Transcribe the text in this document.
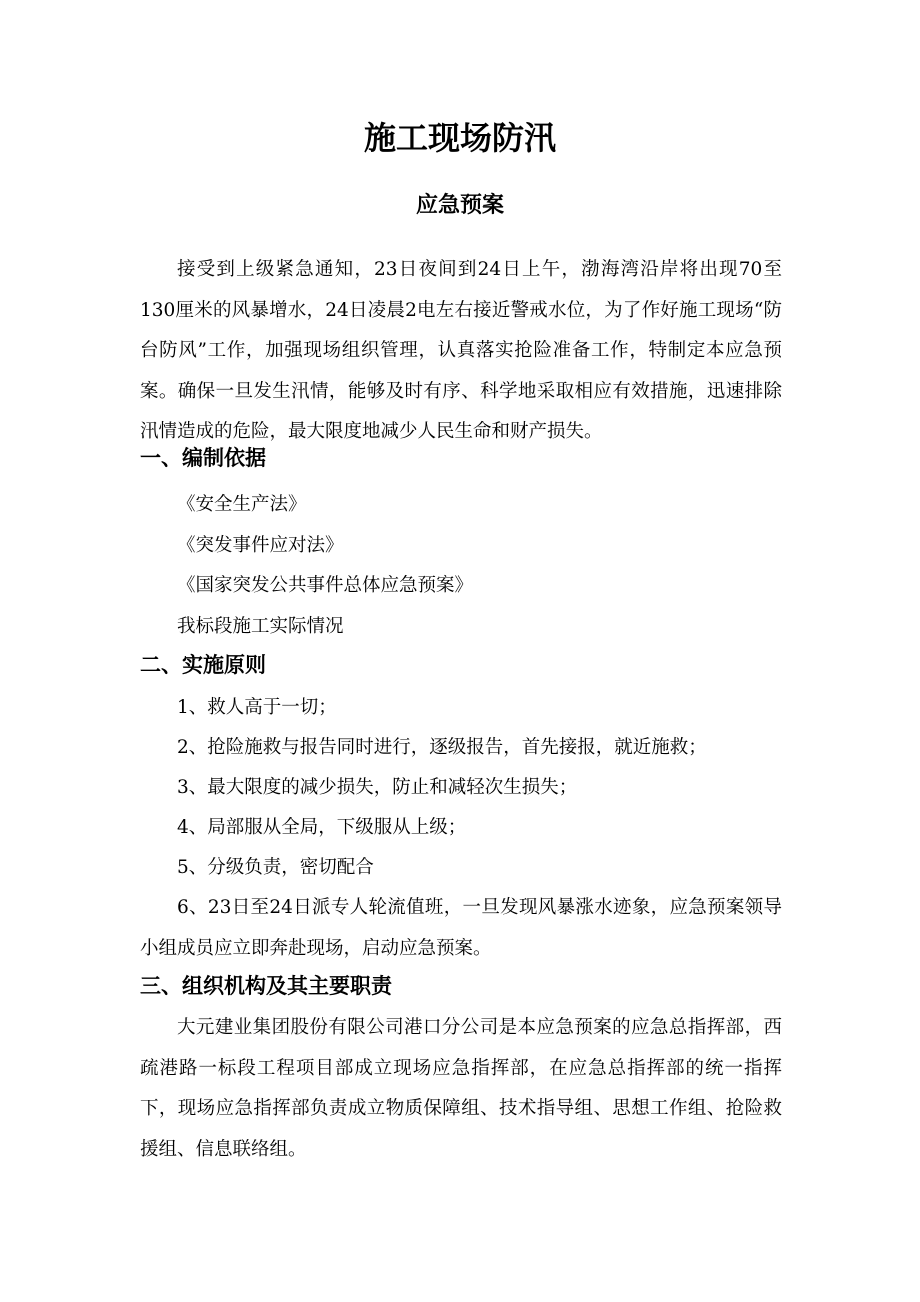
施工现场防汛
应急预案

接受到上级紧急通知，23日夜间到24日上午，渤海湾沿岸将出现70至130厘米的风暴增水，24日凌晨2电左右接近警戒水位，为了作好施工现场“防台防风”工作，加强现场组织管理，认真落实抢险准备工作，特制定本应急预案。确保一旦发生汛情，能够及时有序、科学地采取相应有效措施，迅速排除汛情造成的危险，最大限度地减少人民生命和财产损失。

一、编制依据

《安全生产法》

《突发事件应对法》

《国家突发公共事件总体应急预案》

我标段施工实际情况

二、实施原则

1、救人高于一切；

2、抢险施救与报告同时进行，逐级报告，首先接报，就近施救；

3、最大限度的减少损失，防止和减轻次生损失；

4、局部服从全局，下级服从上级；

5、分级负责，密切配合

6、23日至24日派专人轮流值班，一旦发现风暴涨水迹象，应急预案领导小组成员应立即奔赴现场，启动应急预案。

三、组织机构及其主要职责

大元建业集团股份有限公司港口分公司是本应急预案的应急总指挥部，西疏港路一标段工程项目部成立现场应急指挥部，在应急总指挥部的统一指挥下，现场应急指挥部负责成立物质保障组、技术指导组、思想工作组、抢险救援组、信息联络组。
